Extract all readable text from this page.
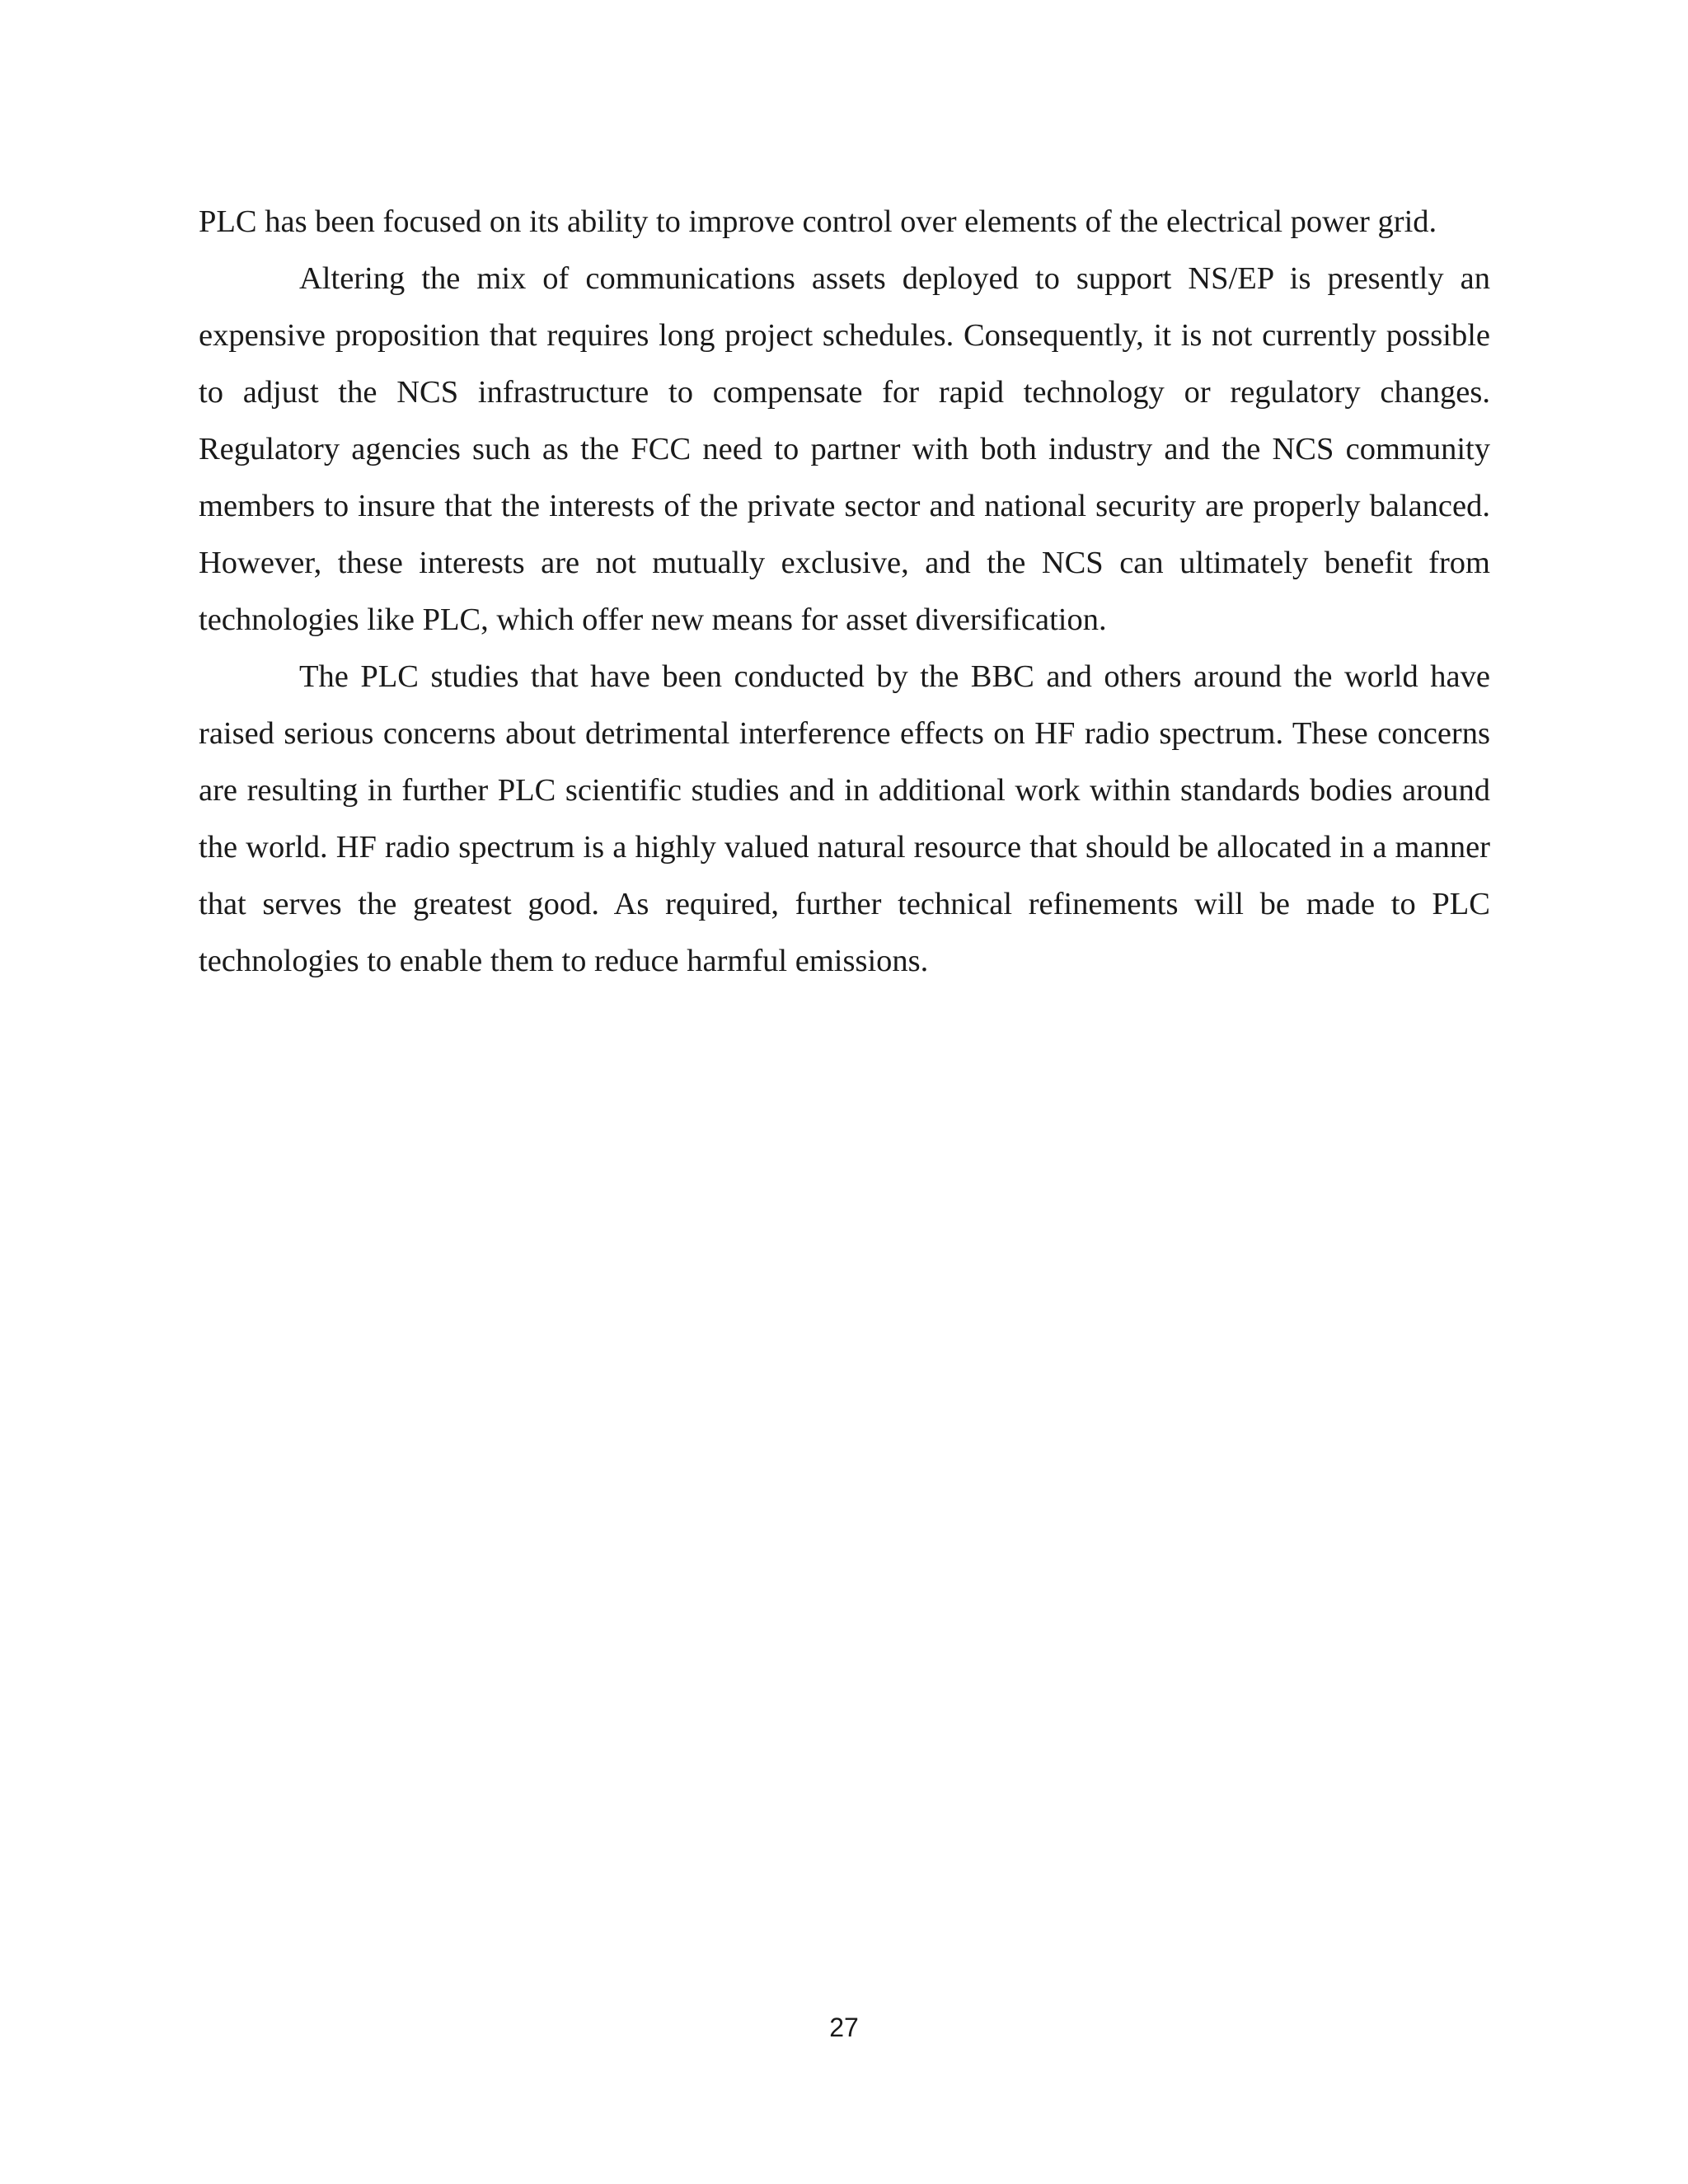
PLC has been focused on its ability to improve control over elements of the electrical power grid.

Altering the mix of communications assets deployed to support NS/EP is presently an expensive proposition that requires long project schedules. Consequently, it is not currently possible to adjust the NCS infrastructure to compensate for rapid technology or regulatory changes. Regulatory agencies such as the FCC need to partner with both industry and the NCS community members to insure that the interests of the private sector and national security are properly balanced. However, these interests are not mutually exclusive, and the NCS can ultimately benefit from technologies like PLC, which offer new means for asset diversification.

The PLC studies that have been conducted by the BBC and others around the world have raised serious concerns about detrimental interference effects on HF radio spectrum. These concerns are resulting in further PLC scientific studies and in additional work within standards bodies around the world. HF radio spectrum is a highly valued natural resource that should be allocated in a manner that serves the greatest good. As required, further technical refinements will be made to PLC technologies to enable them to reduce harmful emissions.

27
